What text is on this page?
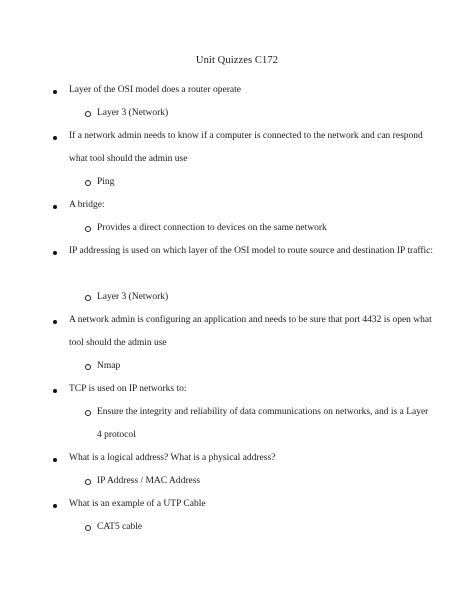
Unit Quizzes C172
Layer of the OSI model does a router operate
Layer 3 (Network)
If a network admin needs to know if a computer is connected to the network and can respond what tool should the admin use
Ping
A bridge:
Provides a direct connection to devices on the same network
IP addressing is used on which layer of the OSI model to route source and destination IP traffic:
Layer 3 (Network)
A network admin is configuring an application and needs to be sure that port 4432 is open what tool should the admin use
Nmap
TCP is used on IP networks to:
Ensure the integrity and reliability of data communications on networks, and is a Layer 4 protocol
What is a logical address? What is a physical address?
IP Address / MAC Address
What is an example of a UTP Cable
CAT5 cable
